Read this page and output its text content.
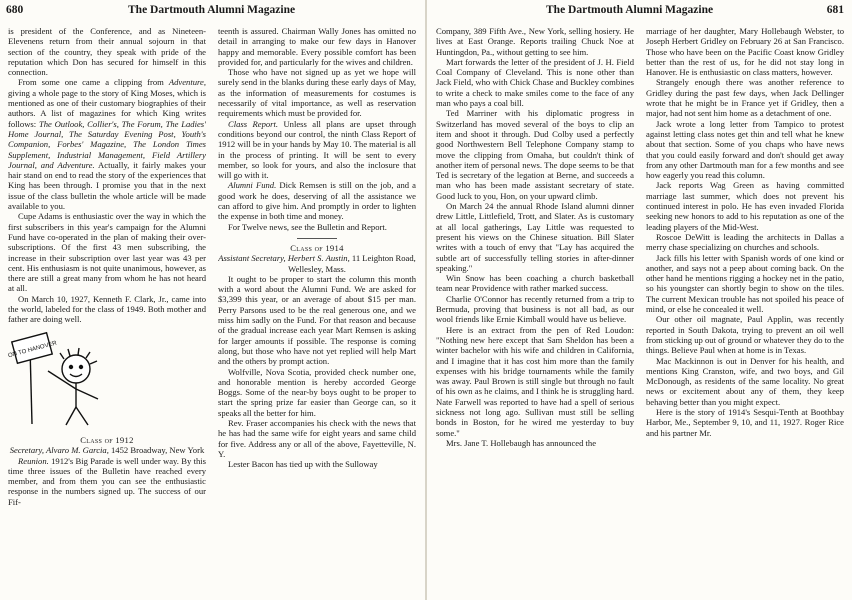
680	The Dartmouth Alumni Magazine

is president of the Conference, and as Nineteen-Elevenens return from their annual sojourn in that section of the country, they speak with pride of the reputation which Don has secured for himself in this connection.

From some one came a clipping from Adventure, giving a whole page to the story of King Moses, which is mentioned as one of their customary biographies of their authors. A list of magazines for which King writes follows: The Outlook, Collier's, The Forum, The Ladies' Home Journal, The Saturday Evening Post, Youth's Companion, Forbes' Magazine, The London Times Supplement, Industrial Management, Field Artillery Journal, and Adventure. Actually, it fairly makes your hair stand on end to read the story of the experiences that King has been through. I promise you that in the next issue of the class bulletin the whole article will be made available to you.

Cupe Adams is enthusiastic over the way in which the first subscribers in this year's campaign for the Alumni Fund have co-operated in the plan of making their over-subscriptions. Of the first 43 men subscribing, the increase in their subscription over last year was 43 per cent. His enthusiasm is not quite unanimous, however, as there are still a great many from whom he has not heard at all.

On March 10, 1927, Kenneth F. Clark, Jr., came into the world, labeled for the class of 1949. Both mother and father are doing well.

ON TO HANOVER

Class of 1912

Secretary, Alvaro M. Garcia, 1452 Broadway, New York

Reunion. 1912's Big Parade is well under way. By this time three issues of the Bulletin have reached every member, and from them you can see the enthusiastic response in the numbers signed up. The success of our Fif-

teenth is assured. Chairman Wally Jones has omitted no detail in arranging to make our few days in Hanover happy and memorable. Every possible comfort has been provided for, and particularly for the wives and children.

Those who have not signed up as yet we hope will surely send in the blanks during these early days of May, as the information of measurements for costumes is necessarily of vital importance, as well as reservation requirements which must be provided for.

Class Report. Unless all plans are upset through conditions beyond our control, the ninth Class Report of 1912 will be in your hands by May 10. The material is all in the process of printing. It will be sent to every member, so look for yours, and also the inclosure that will go with it.

Alumni Fund. Dick Remsen is still on the job, and a good work he does, deserving of all the assistance we can afford to give him. And promptly in order to lighten the expense in both time and money.

For Twelve news, see the Bulletin and Report.

Class of 1914

Assistant Secretary, Herbert S. Austin, 11 Leighton Road, Wellesley, Mass.

It ought to be proper to start the column this month with a word about the Alumni Fund. We are asked for $3,399 this year, or an average of about $15 per man. Perry Parsons used to be the real generous one, and we miss him sadly on the Fund. For that reason and because of the gradual increase each year Mart Remsen is asking for larger amounts if possible. The response is coming along, but those who have not yet replied will help Mart and the others by prompt action.

Wolfville, Nova Scotia, provided check number one, and honorable mention is hereby accorded George Boggs. Some of the near-by boys ought to be proper to start the spring prize far easier than George can, so it speaks all the better for him.

Rev. Fraser accompanies his check with the news that he has had the same wife for eight years and same child for five. Address any or all of the above, Fayetteville, N. Y.

Lester Bacon has tied up with the Sulloway

The Dartmouth Alumni Magazine	681

Company, 389 Fifth Ave., New York, selling hosiery. He lives at East Orange. Reports trailing Chuck Noe at Huntingdon, Pa., without getting to see him.

Mart forwards the letter of the president of J. H. Field Coal Company of Cleveland. This is none other than Jack Field, who with Chick Chase and Buckley combines to write a check to make smiles come to the face of any man who pays a coal bill.

Ted Marriner with his diplomatic progress in Switzerland has moved several of the boys to clip an item and shoot it through. Dud Colby used a perfectly good Northwestern Bell Telephone Company stamp to move the clipping from Omaha, but couldn't think of another item of personal news. The dope seems to be that Ted is secretary of the legation at Berne, and succeeds a man who has been made assistant secretary of state. Good luck to you, Hon, on your upward climb.

On March 24 the annual Rhode Island alumni dinner drew Little, Littlefield, Trott, and Slater. As is customary at all local gatherings, Lay Little was requested to present his views on the Chinese situation. Bill Slater writes with a touch of envy that "Lay has acquired the subtle art of successfully telling stories in after-dinner speaking."

Win Snow has been coaching a church basketball team near Providence with rather marked success.

Charlie O'Connor has recently returned from a trip to Bermuda, proving that business is not all bad, as our wool friends like Ernie Kimball would have us believe.

Here is an extract from the pen of Red Loudon: "Nothing new here except that Sam Sheldon has been a winter bachelor with his wife and children in California, and I imagine that it has cost him more than the family expenses with his bridge tournaments while the family was away. Paul Brown is still single but through no fault of his own as he claims, and I think he is struggling hard. Nate Farwell was reported to have had a spell of serious sickness not long ago. Sullivan must still be selling bonds in Boston, for he wired me yesterday to buy some."

Mrs. Jane T. Hollebaugh has announced the

marriage of her daughter, Mary Hollebaugh Webster, to Joseph Herbert Gridley on February 26 at San Francisco. Those who have been on the Pacific Coast know Gridley better than the rest of us, for he did not stay long in Hanover. He is enthusiastic on class matters, however.

Strangely enough there was another reference to Gridley during the past few days, when Jack Dellinger wrote that he might be in France yet if Gridley, then a major, had not sent him home as a detachment of one.

Jack wrote a long letter from Tampico to protest against letting class notes get thin and tell what he knew about that section. Some of you chaps who have news that you could easily forward and don't should get away from any other Dartmouth man for a few months and see how eagerly you read this column.

Jack reports Wag Green as having committed marriage last summer, which does not prevent his continued interest in polo. He has even invaded Florida seeking new honors to add to his reputation as one of the leading players of the Mid-West.

Roscoe DeWitt is leading the architects in Dallas a merry chase specializing on churches and schools.

Jack fills his letter with Spanish words of one kind or another, and says not a peep about coming back. On the other hand he mentions rigging a hockey net in the patio, so his youngster can shortly begin to show on the tiles. The current Mexican trouble has not spoiled his peace of mind, or else he concealed it well.

Our other oil magnate, Paul Applin, was recently reported in South Dakota, trying to prevent an oil well from sticking up out of ground or whatever they do to the things. Believe Paul when at home is in Texas.

Mac Mackinnon is out in Denver for his health, and mentions King Cranston, wife, and two boys, and Gil McDonough, as residents of the same locality. No great news or excitement about any of them, they keep behaving better than you might expect.

Here is the story of 1914's Sesqui-Tenth at Boothbay Harbor, Me., September 9, 10, and 11, 1927. Roger Rice and his partner Mr.
